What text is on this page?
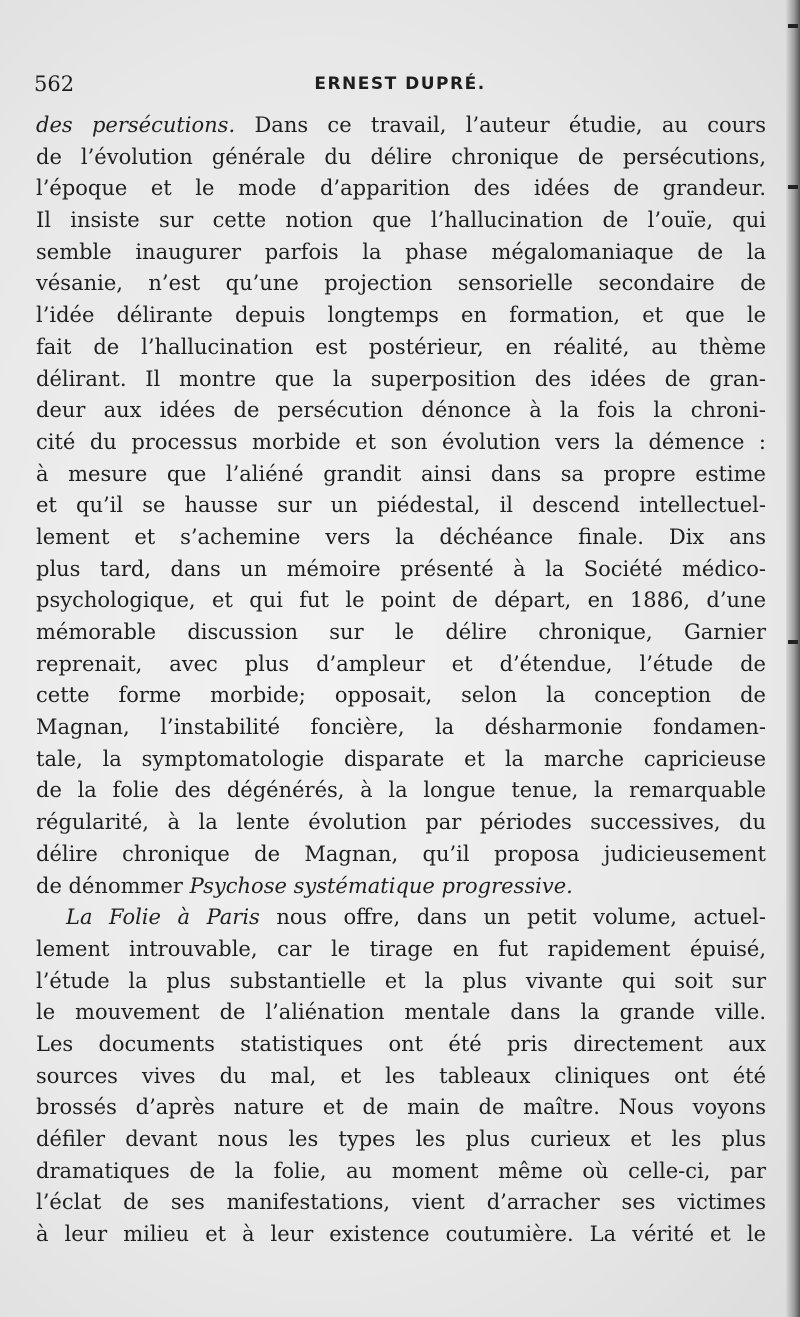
562	ERNEST DUPRÉ.
des persécutions. Dans ce travail, l’auteur étudie, au cours
de l’évolution générale du délire chronique de persécutions,
l’époque et le mode d’apparition des idées de grandeur.
Il insiste sur cette notion que l’hallucination de l’ouïe, qui
semble inaugurer parfois la phase mégalomaniaque de la
vésanie, n’est qu’une projection sensorielle secondaire de
l’idée délirante depuis longtemps en formation, et que le
fait de l’hallucination est postérieur, en réalité, au thème
délirant. Il montre que la superposition des idées de gran-
deur aux idées de persécution dénonce à la fois la chroni-
cité du processus morbide et son évolution vers la démence :
à mesure que l’aliéné grandit ainsi dans sa propre estime
et qu’il se hausse sur un piédestal, il descend intellectuel-
lement et s’achemine vers la déchéance finale. Dix ans
plus tard, dans un mémoire présenté à la Société médico-
psychologique, et qui fut le point de départ, en 1886, d’une
mémorable discussion sur le délire chronique, Garnier
reprenait, avec plus d’ampleur et d’étendue, l’étude de
cette forme morbide; opposait, selon la conception de
Magnan, l’instabilité foncière, la désharmonie fondamen-
tale, la symptomatologie disparate et la marche capricieuse
de la folie des dégénérés, à la longue tenue, la remarquable
régularité, à la lente évolution par périodes successives, du
délire chronique de Magnan, qu’il proposa judicieusement
de dénommer Psychose systématique progressive.
La Folie à Paris nous offre, dans un petit volume, actuel-
lement introuvable, car le tirage en fut rapidement épuisé,
l’étude la plus substantielle et la plus vivante qui soit sur
le mouvement de l’aliénation mentale dans la grande ville.
Les documents statistiques ont été pris directement aux
sources vives du mal, et les tableaux cliniques ont été
brossés d’après nature et de main de maître. Nous voyons
défiler devant nous les types les plus curieux et les plus
dramatiques de la folie, au moment même où celle-ci, par
l’éclat de ses manifestations, vient d’arracher ses victimes
à leur milieu et à leur existence coutumière. La vérité et le
